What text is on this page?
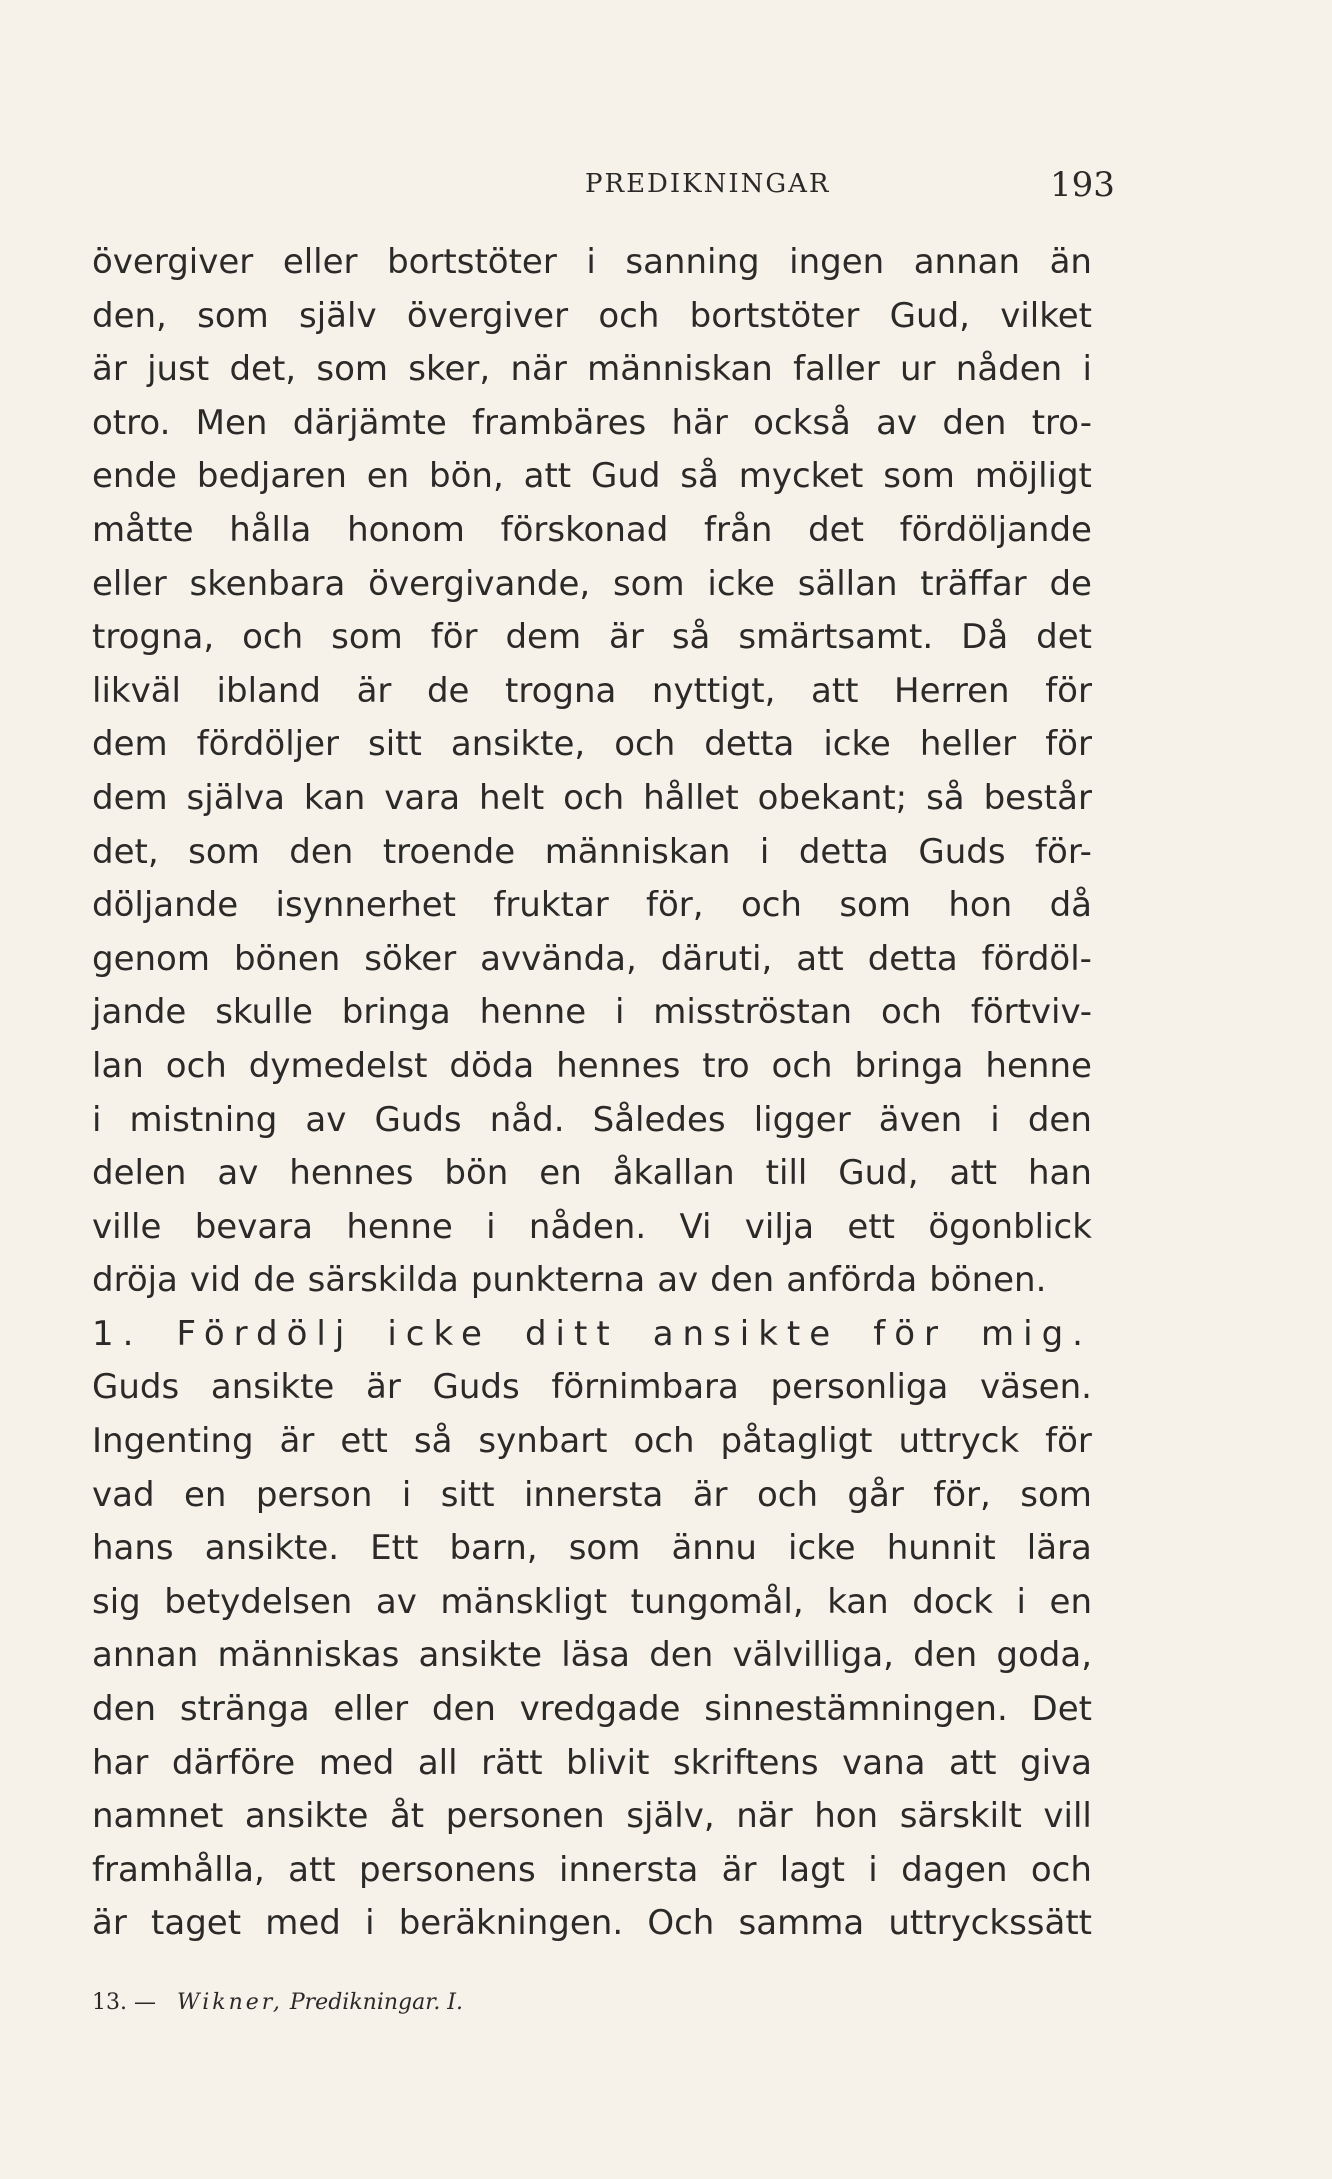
PREDIKNINGAR	193
övergiver eller bortstöter i sanning ingen annan än
den, som själv övergiver och bortstöter Gud, vilket
är just det, som sker, när människan faller ur nåden i
otro. Men därjämte frambäres här också av den tro-
ende bedjaren en bön, att Gud så mycket som möjligt
måtte hålla honom förskonad från det fördöljande
eller skenbara övergivande, som icke sällan träffar de
trogna, och som för dem är så smärtsamt. Då det
likväl ibland är de trogna nyttigt, att Herren för
dem fördöljer sitt ansikte, och detta icke heller för
dem själva kan vara helt och hållet obekant; så består
det, som den troende människan i detta Guds för-
döljande isynnerhet fruktar för, och som hon då
genom bönen söker avvända, däruti, att detta fördöl-
jande skulle bringa henne i misströstan och förtviv-
lan och dymedelst döda hennes tro och bringa henne
i mistning av Guds nåd. Således ligger även i den
delen av hennes bön en åkallan till Gud, att han
ville bevara henne i nåden. Vi vilja ett ögonblick
dröja vid de särskilda punkterna av den anförda bönen.
1. Fördölj icke ditt ansikte för mig.
Guds ansikte är Guds förnimbara personliga väsen.
Ingenting är ett så synbart och påtagligt uttryck för
vad en person i sitt innersta är och går för, som
hans ansikte. Ett barn, som ännu icke hunnit lära
sig betydelsen av mänskligt tungomål, kan dock i en
annan människas ansikte läsa den välvilliga, den goda,
den stränga eller den vredgade sinnestämningen. Det
har därföre med all rätt blivit skriftens vana att giva
namnet ansikte åt personen själv, när hon särskilt vill
framhålla, att personens innersta är lagt i dagen och
är taget med i beräkningen. Och samma uttryckssätt
13. — Wikner, Predikningar. I.
